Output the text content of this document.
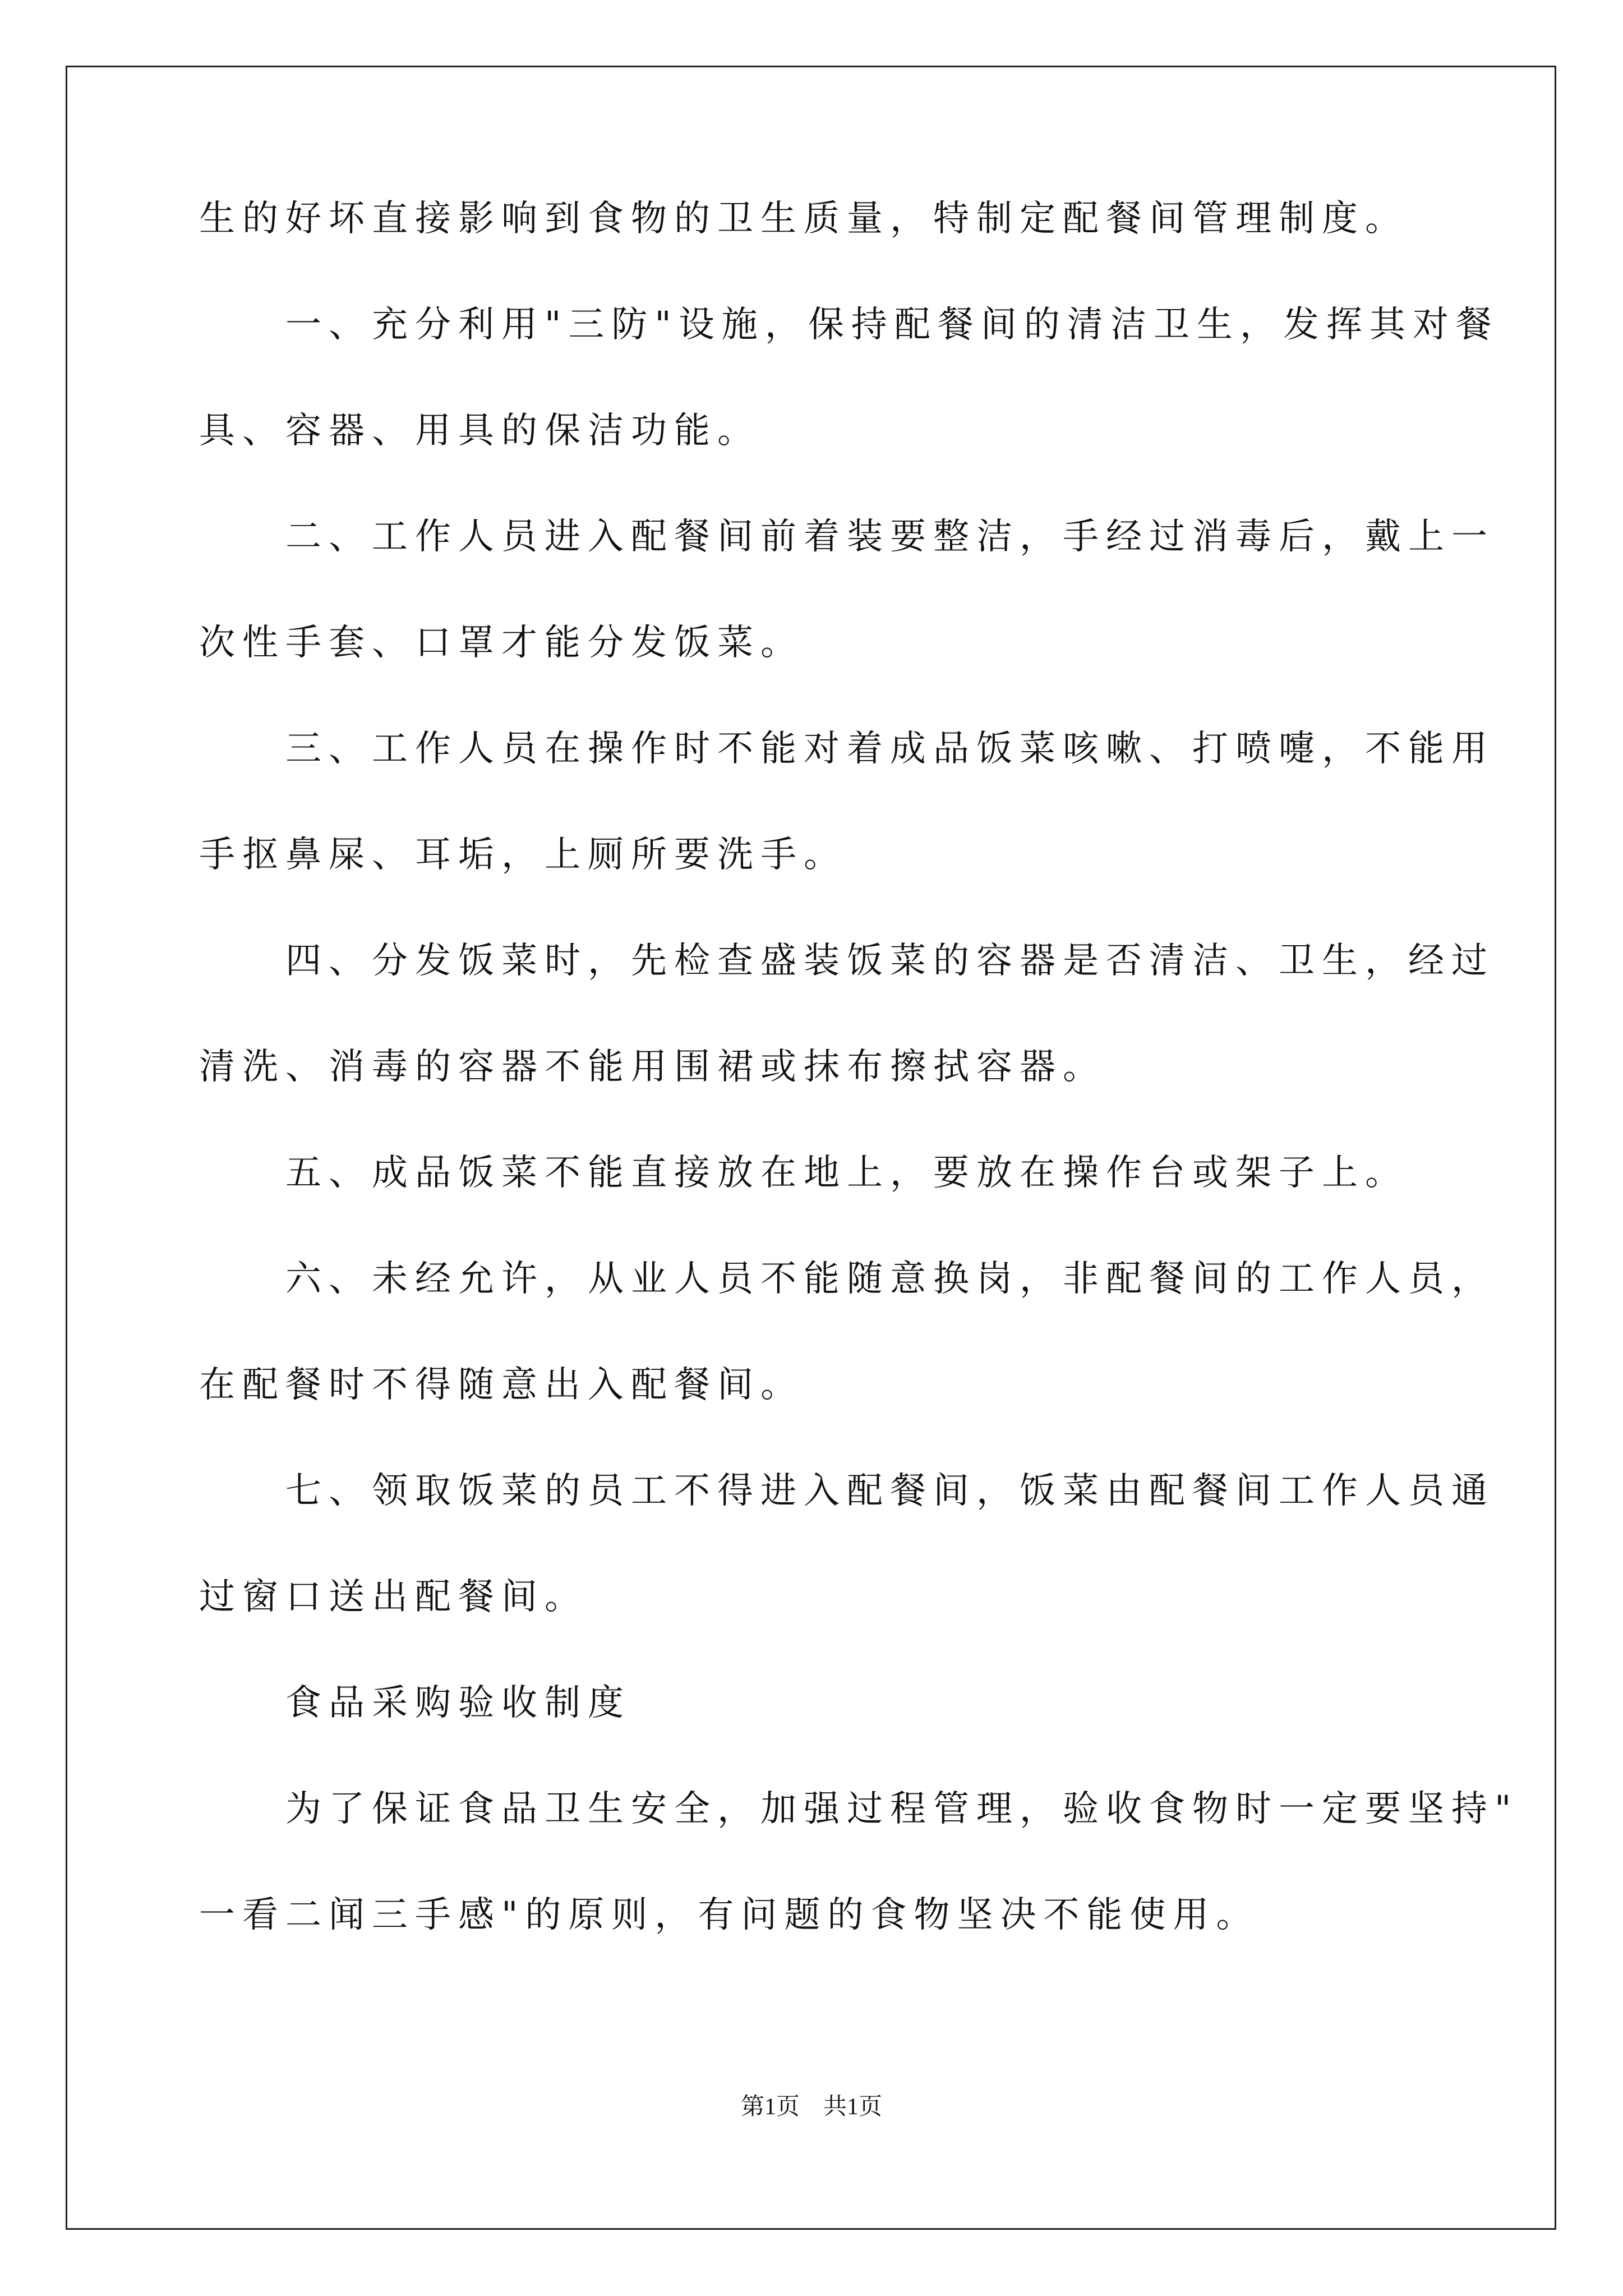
生的好坏直接影响到食物的卫生质量，特制定配餐间管理制度。
　　一、充分利用"三防"设施，保持配餐间的清洁卫生，发挥其对餐
具、容器、用具的保洁功能。
　　二、工作人员进入配餐间前着装要整洁，手经过消毒后，戴上一
次性手套、口罩才能分发饭菜。
　　三、工作人员在操作时不能对着成品饭菜咳嗽、打喷嚏，不能用
手抠鼻屎、耳垢，上厕所要洗手。
　　四、分发饭菜时，先检查盛装饭菜的容器是否清洁、卫生，经过
清洗、消毒的容器不能用围裙或抹布擦拭容器。
　　五、成品饭菜不能直接放在地上，要放在操作台或架子上。
　　六、未经允许，从业人员不能随意换岗，非配餐间的工作人员，
在配餐时不得随意出入配餐间。
　　七、领取饭菜的员工不得进入配餐间，饭菜由配餐间工作人员通
过窗口送出配餐间。
　　食品采购验收制度
　　为了保证食品卫生安全，加强过程管理，验收食物时一定要坚持"
一看二闻三手感"的原则，有问题的食物坚决不能使用。
第1页　共1页
